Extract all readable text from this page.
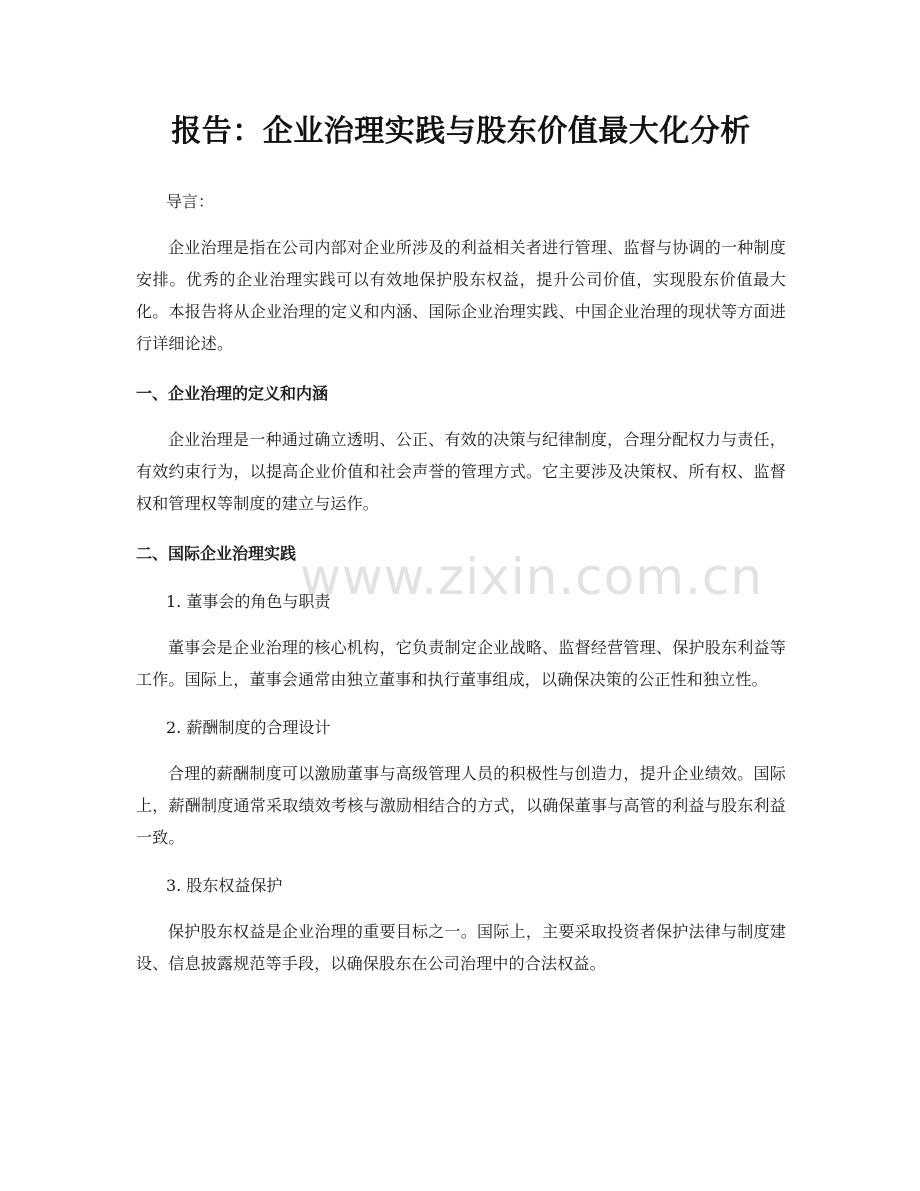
报告：企业治理实践与股东价值最大化分析

导言：

企业治理是指在公司内部对企业所涉及的利益相关者进行管理、监督与协调的一种制度安排。优秀的企业治理实践可以有效地保护股东权益，提升公司价值，实现股东价值最大化。本报告将从企业治理的定义和内涵、国际企业治理实践、中国企业治理的现状等方面进行详细论述。

一、企业治理的定义和内涵

企业治理是一种通过确立透明、公正、有效的决策与纪律制度，合理分配权力与责任，有效约束行为，以提高企业价值和社会声誉的管理方式。它主要涉及决策权、所有权、监督权和管理权等制度的建立与运作。

二、国际企业治理实践
1. 董事会的角色与职责

董事会是企业治理的核心机构，它负责制定企业战略、监督经营管理、保护股东利益等工作。国际上，董事会通常由独立董事和执行董事组成，以确保决策的公正性和独立性。

2. 薪酬制度的合理设计

合理的薪酬制度可以激励董事与高级管理人员的积极性与创造力，提升企业绩效。国际上，薪酬制度通常采取绩效考核与激励相结合的方式，以确保董事与高管的利益与股东利益一致。

3. 股东权益保护

保护股东权益是企业治理的重要目标之一。国际上，主要采取投资者保护法律与制度建设、信息披露规范等手段，以确保股东在公司治理中的合法权益。

www.zixin.com.cn
